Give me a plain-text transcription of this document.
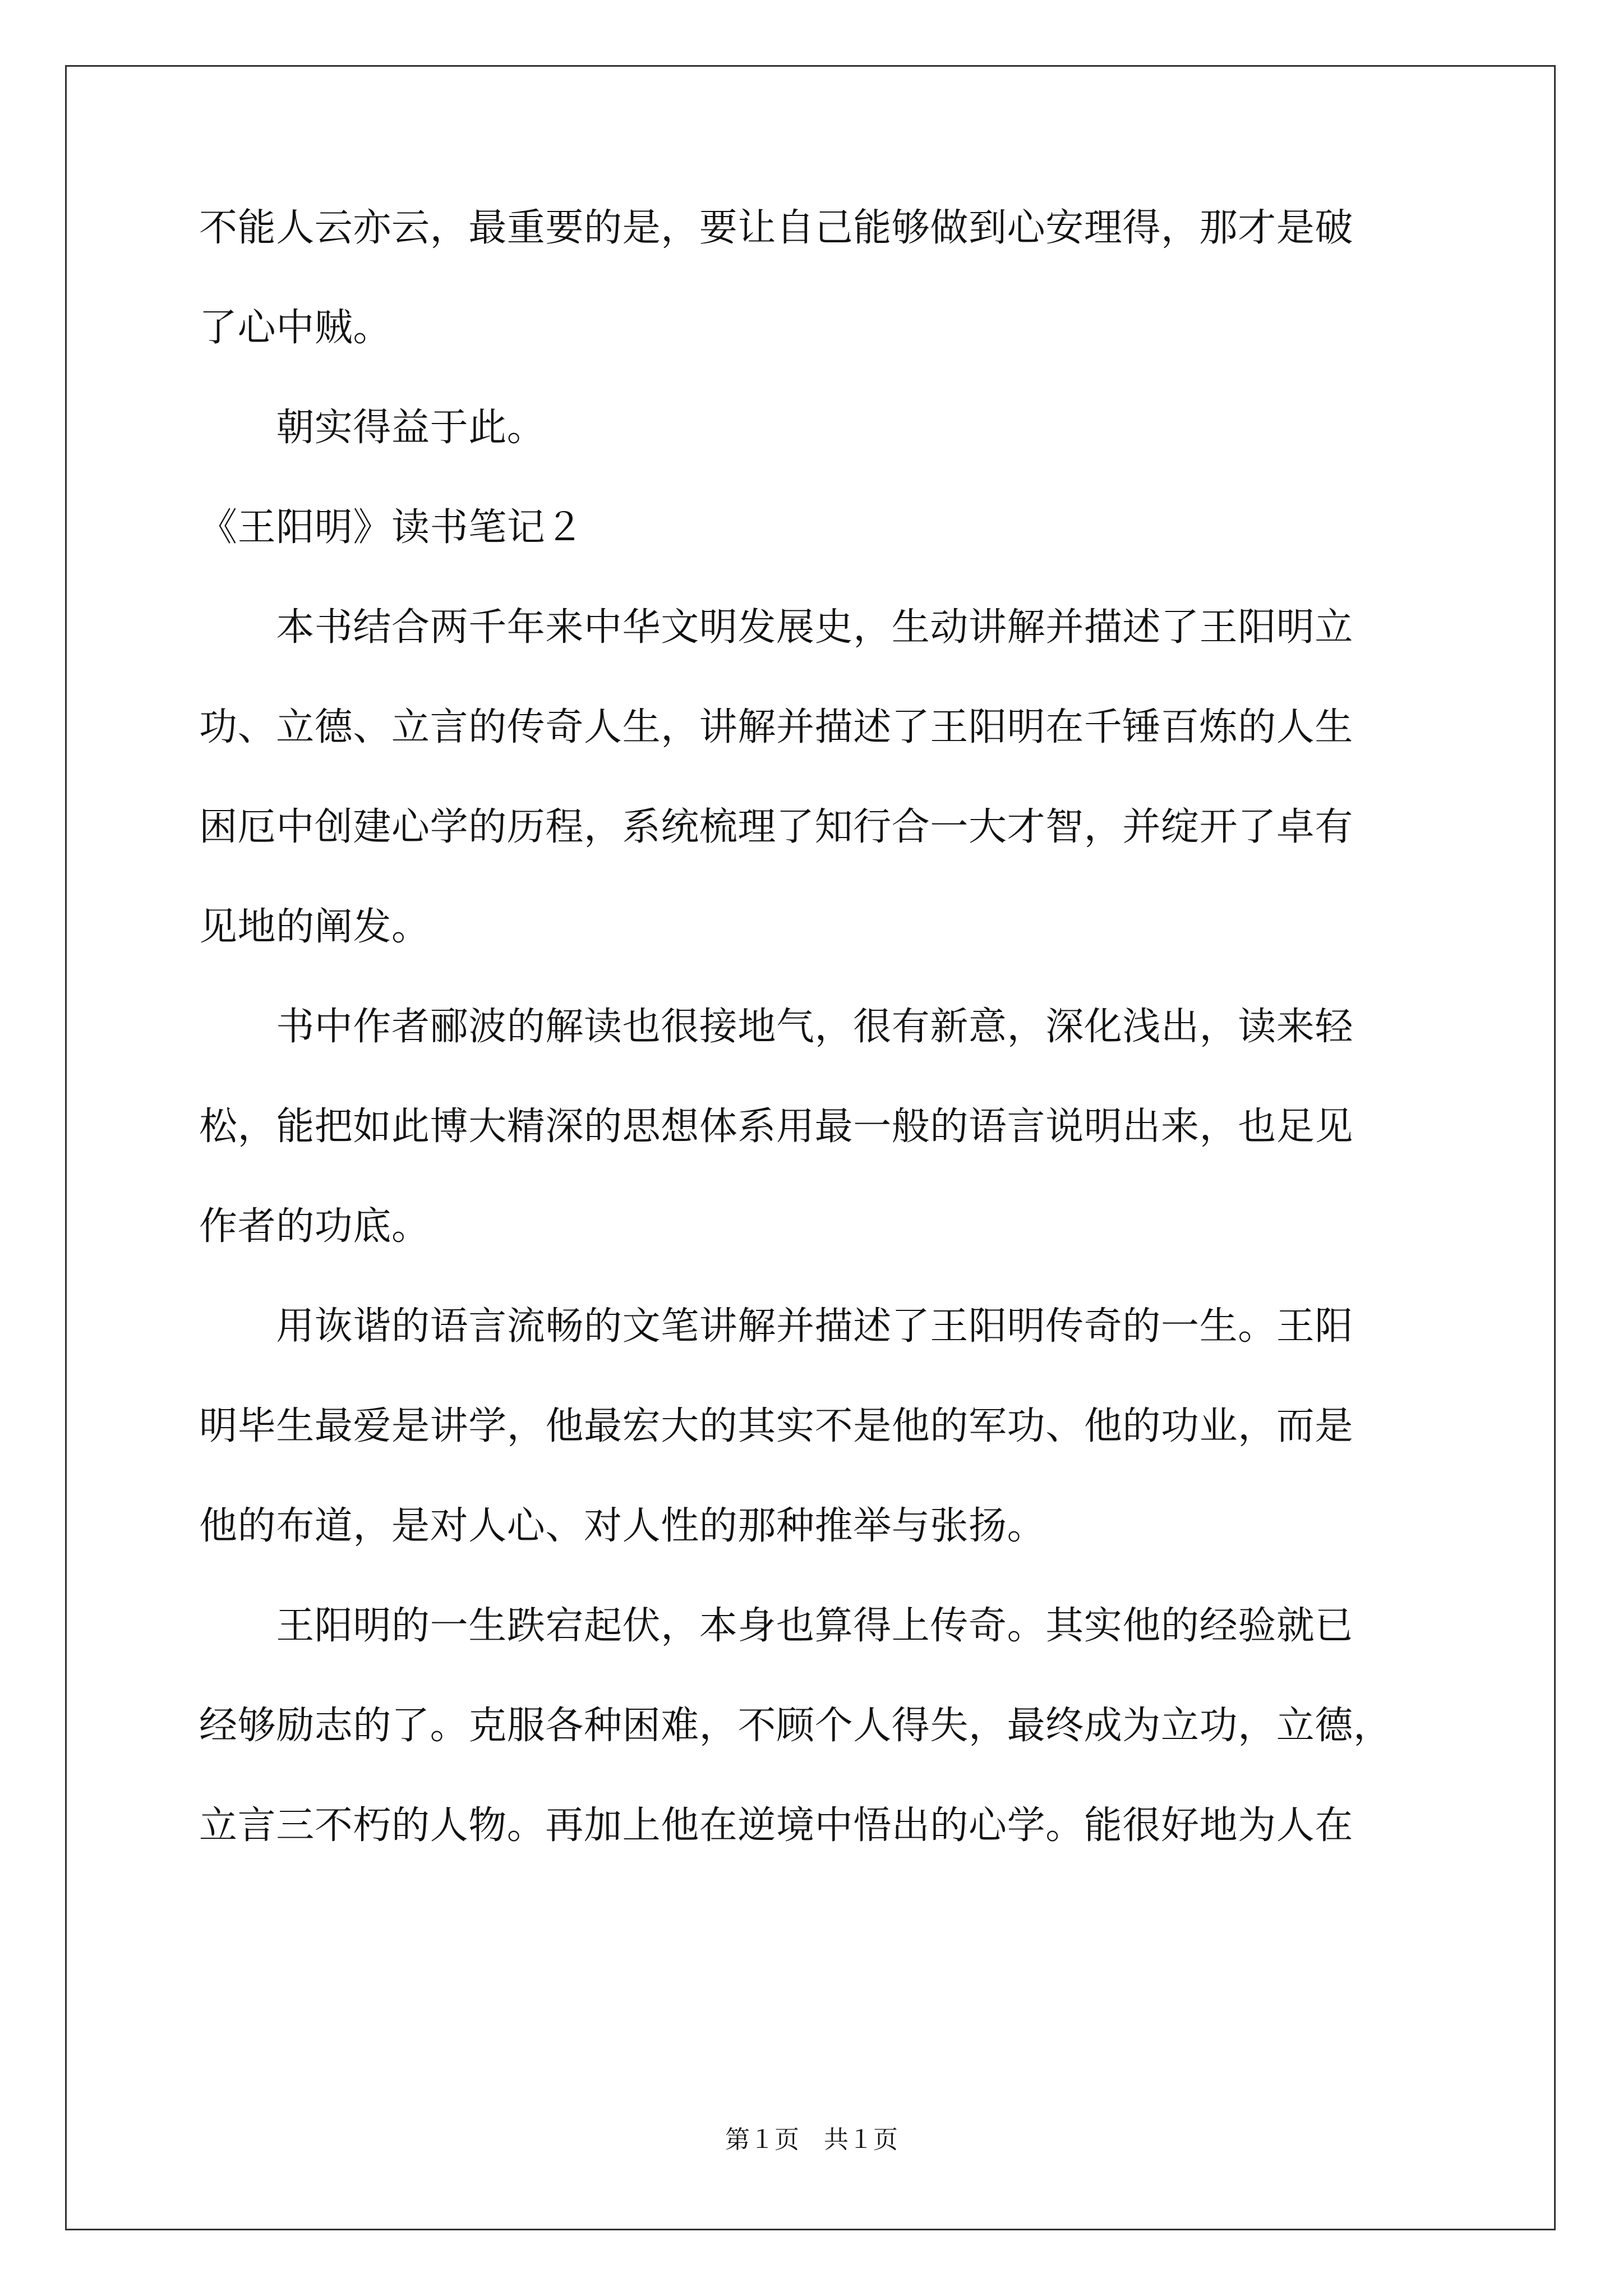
不能人云亦云，最重要的是，要让自己能够做到心安理得，那才是破
了心中贼。
　　朝实得益于此。
《王阳明》读书笔记２
　　本书结合两千年来中华文明发展史，生动讲解并描述了王阳明立
功、立德、立言的传奇人生，讲解并描述了王阳明在千锤百炼的人生
困厄中创建心学的历程，系统梳理了知行合一大才智，并绽开了卓有
见地的阐发。
　　书中作者郦波的解读也很接地气，很有新意，深化浅出，读来轻
松，能把如此博大精深的思想体系用最一般的语言说明出来，也足见
作者的功底。
　　用诙谐的语言流畅的文笔讲解并描述了王阳明传奇的一生。王阳
明毕生最爱是讲学，他最宏大的其实不是他的军功、他的功业，而是
他的布道，是对人心、对人性的那种推举与张扬。
　　王阳明的一生跌宕起伏，本身也算得上传奇。其实他的经验就已
经够励志的了。克服各种困难，不顾个人得失，最终成为立功，立德，
立言三不朽的人物。再加上他在逆境中悟出的心学。能很好地为人在
第１页　共１页
